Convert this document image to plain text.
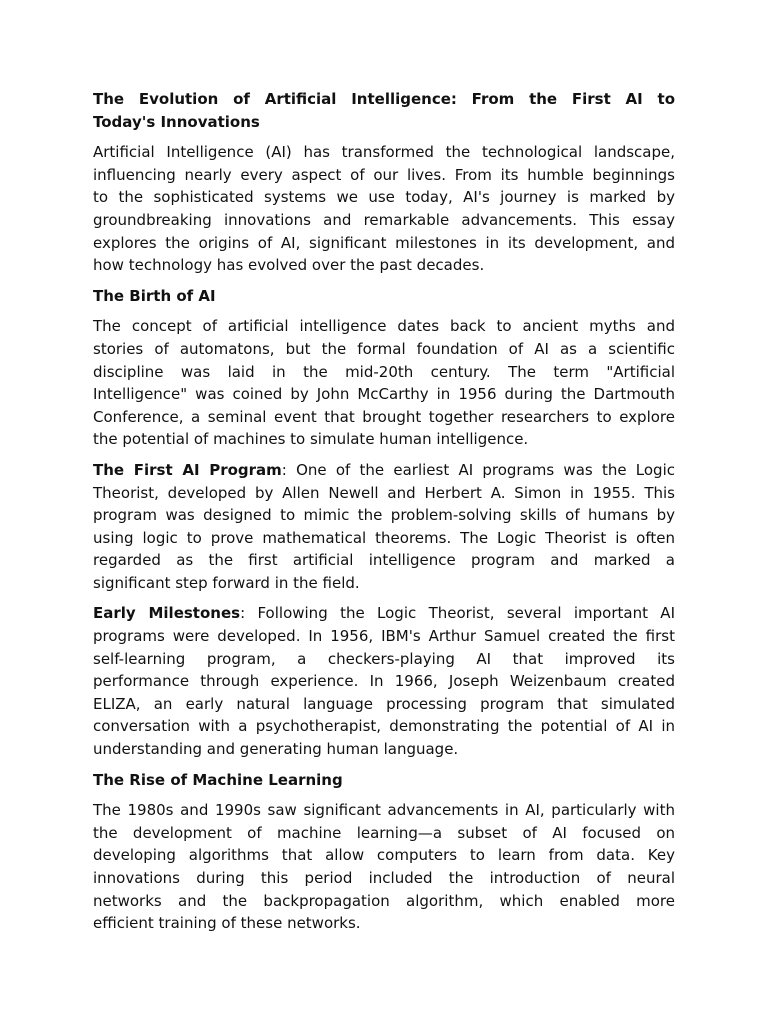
The Evolution of Artificial Intelligence: From the First AI to
Today's Innovations
Artificial Intelligence (AI) has transformed the technological landscape,
influencing nearly every aspect of our lives. From its humble beginnings
to the sophisticated systems we use today, AI's journey is marked by
groundbreaking innovations and remarkable advancements. This essay
explores the origins of AI, significant milestones in its development, and
how technology has evolved over the past decades.
The Birth of AI
The concept of artificial intelligence dates back to ancient myths and
stories of automatons, but the formal foundation of AI as a scientific
discipline was laid in the mid-20th century. The term "Artificial
Intelligence" was coined by John McCarthy in 1956 during the Dartmouth
Conference, a seminal event that brought together researchers to explore
the potential of machines to simulate human intelligence.
The First AI Program: One of the earliest AI programs was the Logic
Theorist, developed by Allen Newell and Herbert A. Simon in 1955. This
program was designed to mimic the problem-solving skills of humans by
using logic to prove mathematical theorems. The Logic Theorist is often
regarded as the first artificial intelligence program and marked a
significant step forward in the field.
Early Milestones: Following the Logic Theorist, several important AI
programs were developed. In 1956, IBM's Arthur Samuel created the first
self-learning program, a checkers-playing AI that improved its
performance through experience. In 1966, Joseph Weizenbaum created
ELIZA, an early natural language processing program that simulated
conversation with a psychotherapist, demonstrating the potential of AI in
understanding and generating human language.
The Rise of Machine Learning
The 1980s and 1990s saw significant advancements in AI, particularly with
the development of machine learning—a subset of AI focused on
developing algorithms that allow computers to learn from data. Key
innovations during this period included the introduction of neural
networks and the backpropagation algorithm, which enabled more
efficient training of these networks.
